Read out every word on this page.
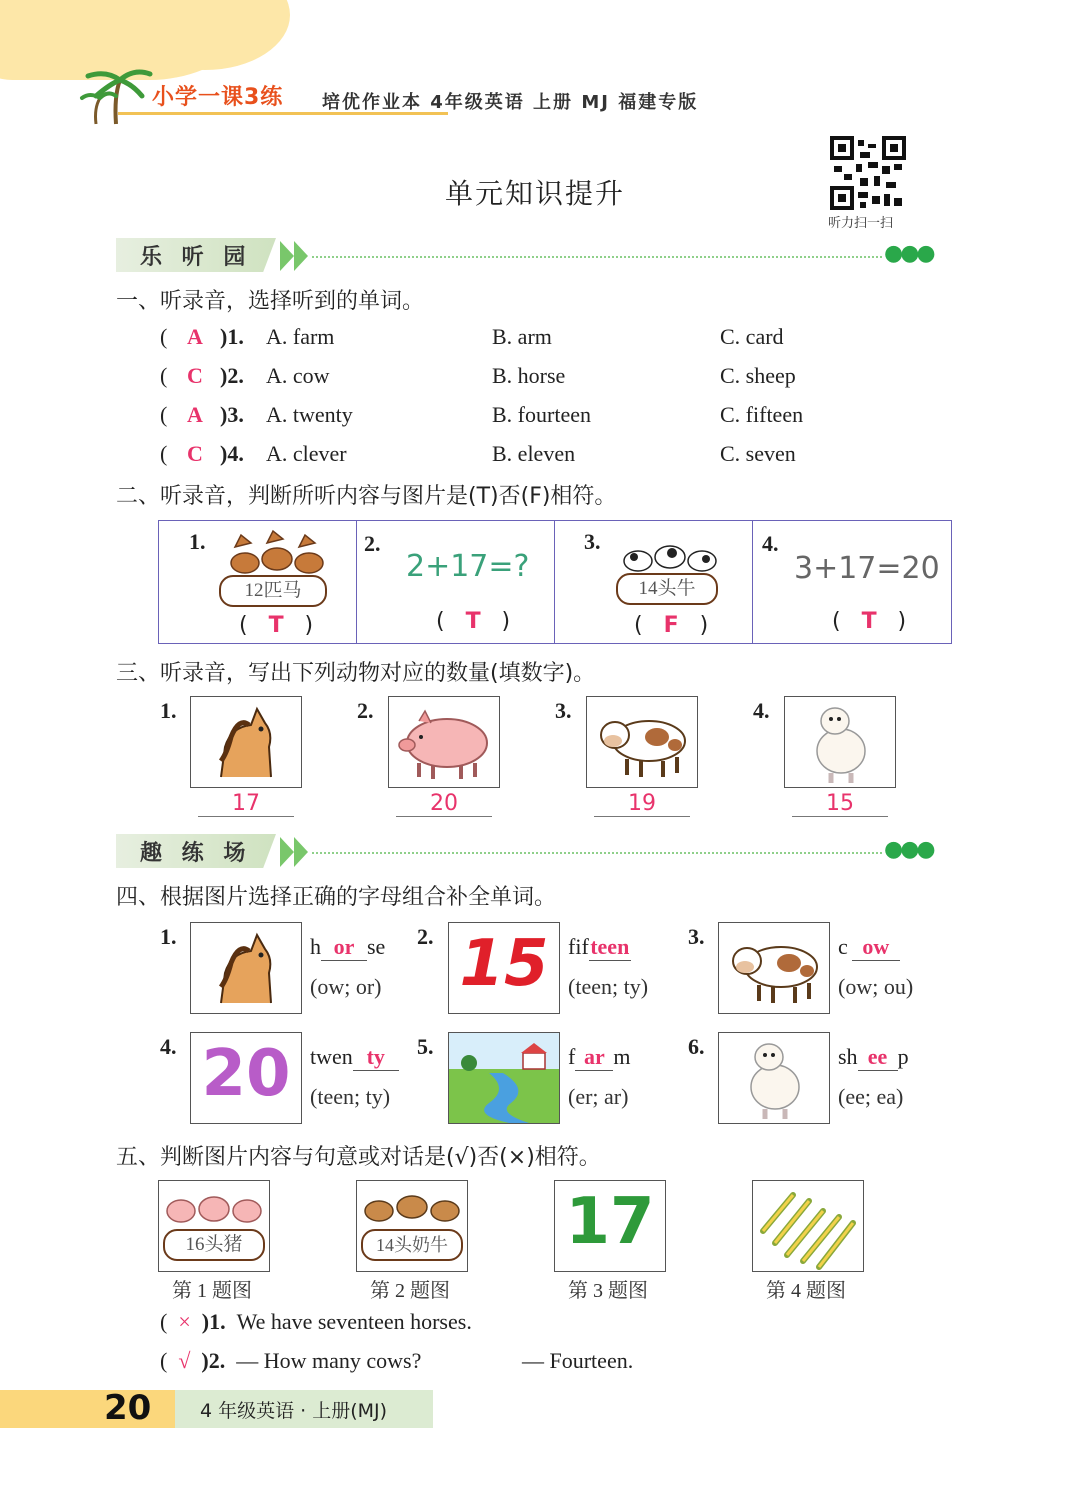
小学一课3练 培优作业本 4年级英语 上册 MJ 福建专版
听力扫一扫
单元知识提升
乐 听 园	●●●
一、听录音，选择听到的单词。
( A )1. A. farm	B. arm	C. card
( C )2. A. cow	B. horse	C. sheep
( A )3. A. twenty	B. fourteen	C. fifteen
( C )4. A. clever	B. eleven	C. seven
二、听录音，判断所听内容与图片是(T)否(F)相符。
1.
12匹马
(   T   )
2.
2+17=?
(   T   )
3.
14头牛
(   F   )
4.
3+17=20
(   T   )
三、听录音，写出下列动物对应的数量(填数字)。
1.
17
2.
20
3.
19
4.
15
趣 练 场	●●●
四、根据图片选择正确的字母组合补全单词。
1.	h or se
(ow; or)
2. 15 fifteen
(teen; ty)
3.	c ow
(ow; ou)
4. 20 twen ty
(teen; ty)
5.	f ar m
(er; ar)
6.	sh ee p
(ee; ea)
五、判断图片内容与句意或对话是(√)否(×)相符。
16头猪
第 1 题图
14头奶牛
第 2 题图
17
第 3 题图	第 4 题图
(  × )1. We have seventeen horses.
(  √ )2. — How many cows?	— Fourteen.
20	4 年级英语 · 上册(MJ)
